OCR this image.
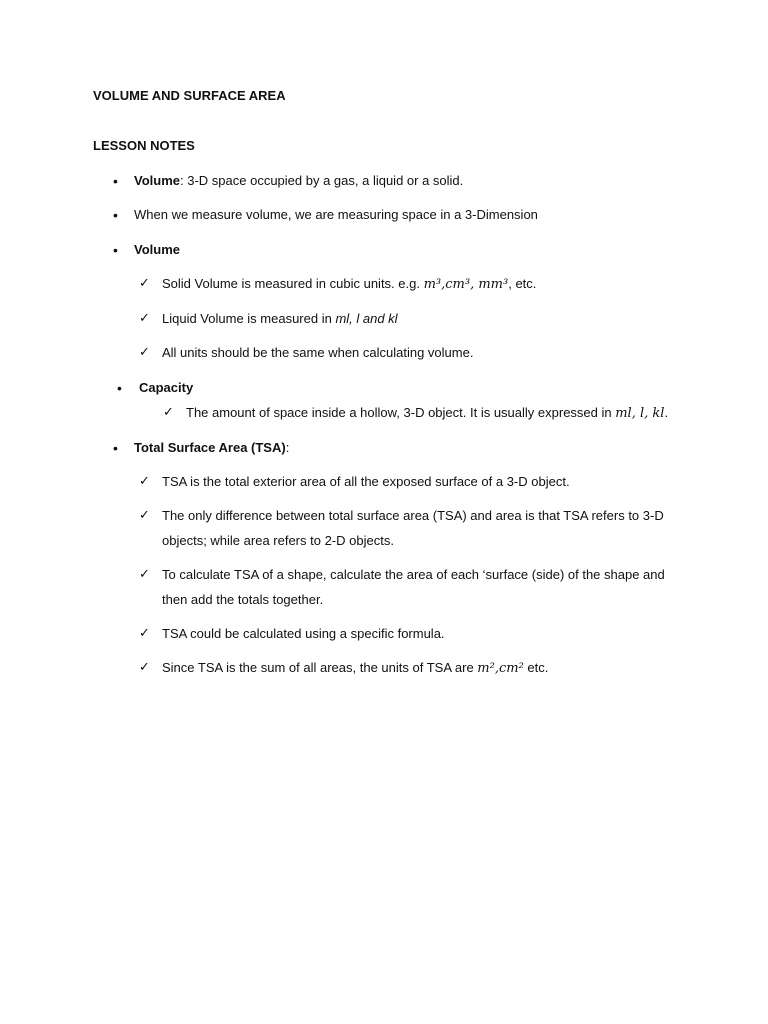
VOLUME AND SURFACE AREA
LESSON NOTES
• Volume: 3-D space occupied by a gas, a liquid or a solid.
• When we measure volume, we are measuring space in a 3-Dimension
• Volume
✓ Solid Volume is measured in cubic units. e.g. m³,cm³, mm³, etc.
✓ Liquid Volume is measured in ml, l and kl
✓ All units should be the same when calculating volume.
• Capacity
✓ The amount of space inside a hollow, 3-D object. It is usually expressed in ml, l, kl.
• Total Surface Area (TSA):
✓ TSA is the total exterior area of all the exposed surface of a 3-D object.
✓ The only difference between total surface area (TSA) and area is that TSA refers to 3-D
objects; while area refers to 2-D objects.
✓ To calculate TSA of a shape, calculate the area of each ‘surface (side) of the shape and
then add the totals together.
✓ TSA could be calculated using a specific formula.
✓ Since TSA is the sum of all areas, the units of TSA are m²,cm² etc.
